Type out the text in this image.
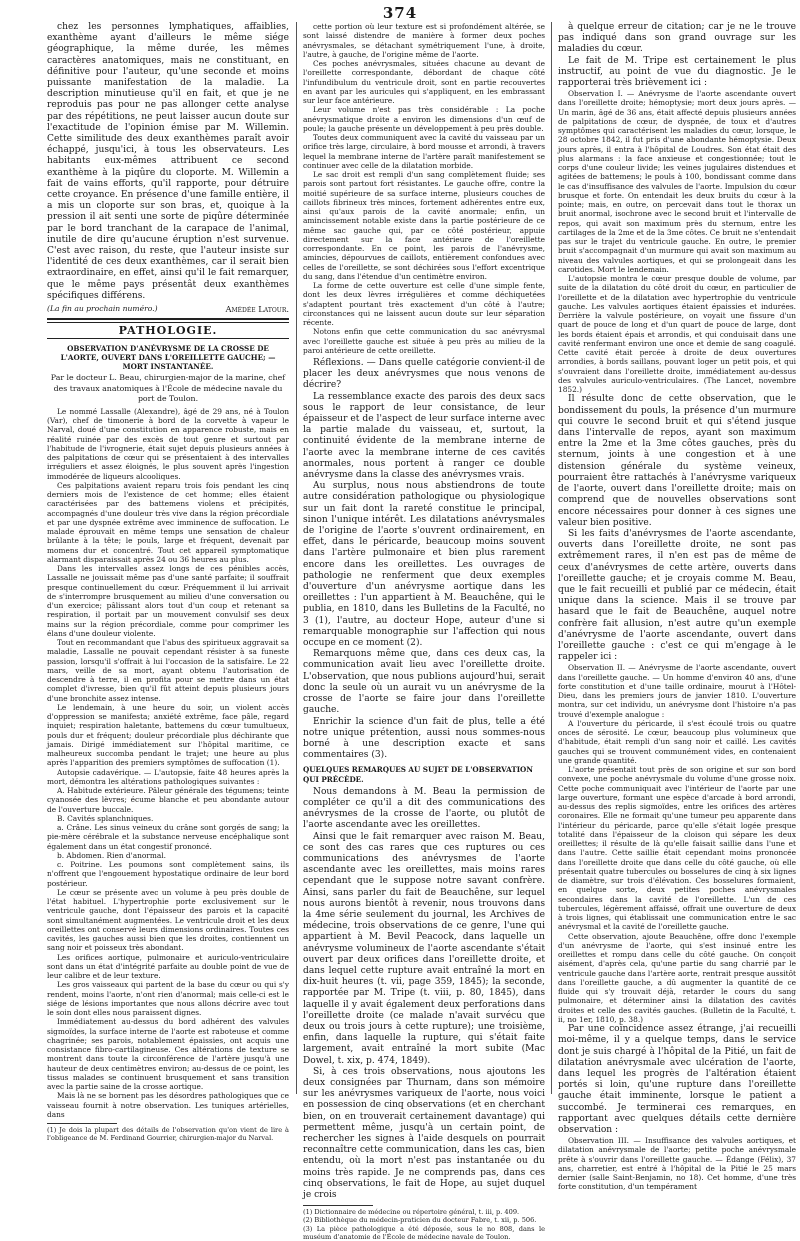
374

chez les personnes lymphatiques, affaiblies, exanthème ayant d'ailleurs le même siége géographique, la même durée, les mêmes caractères anatomiques, mais ne constituant, en définitive pour l'auteur, qu'une seconde et moins puissante manifestation de la maladie. La description minutieuse qu'il en fait, et que je ne reproduis pas pour ne pas allonger cette analyse par des répétitions, ne peut laisser aucun doute sur l'exactitude de l'opinion émise par M. Willemin. Cette similitude des deux exanthèmes paraît avoir échappé, jusqu'ici, à tous les observateurs. Les habitants eux-mêmes attribuent ce second exanthème à la piqûre du cloporte. M. Willemin a fait de vains efforts, qu'il rapporte, pour détruire cette croyance. En présence d'une famille entière, il a mis un cloporte sur son bras, et, quoique à la pression il ait senti une sorte de piqûre déterminée par le bord tranchant de la carapace de l'animal, inutile de dire qu'aucune éruption n'est survenue. C'est avec raison, du reste, que l'auteur insiste sur l'identité de ces deux exanthèmes, car il serait bien extraordinaire, en effet, ainsi qu'il le fait remarquer, que le même pays présentât deux exanthèmes spécifiques différens.

(La fin au prochain numéro.)	Amédée Latour.
PATHOLOGIE.

OBSERVATION D'ANÉVRYSME DE LA CROSSE DE L'AORTE, OUVERT DANS L'OREILLETTE GAUCHE; — MORT INSTANTANÉE.

Par le docteur L. Beau, chirurgien-major de la marine, chef des travaux anatomiques à l'École de médecine navale du port de Toulon.

Le nommé Lassalle (Alexandre), âgé de 29 ans, né à Toulon (Var), chef de timonerie à bord de la corvette à vapeur le Narval, doué d'une constitution en apparence robuste, mais en réalité ruinée par des excès de tout genre et surtout par l'habitude de l'ivrognerie, était sujet depuis plusieurs années à des palpitations de cœur qui se présentaient à des intervalles irréguliers et assez éloignés, le plus souvent après l'ingestion immodérée de liqueurs alcooliques.

Ces palpitations avaient reparu trois fois pendant les cinq derniers mois de l'existence de cet homme; elles étaient caractérisées par des battemens violens et précipités, accompagnés d'une douleur très vive dans la région précordiale et par une dyspnée extrême avec imminence de suffocation. Le malade éprouvait en même temps une sensation de chaleur brûlante à la tête; le pouls, large et fréquent, devenait par momens dur et concentré. Tout cet appareil symptomatique alarmant disparaissait après 24 ou 36 heures au plus.

Dans les intervalles assez longs de ces pénibles accès, Lassalle ne jouissait même pas d'une santé parfaite; il souffrait presque continuellement du cœur. Fréquemment il lui arrivait de s'interrompre brusquement au milieu d'une conversation ou d'un exercice; pâlissant alors tout d'un coup et retenant sa respiration, il portait par un mouvement convulsif ses deux mains sur la région précordiale, comme pour comprimer les élans d'une douleur violente.

Tout en recommandant que l'abus des spiritueux aggravait sa maladie, Lassalle ne pouvait cependant résister à sa funeste passion, lorsqu'il s'offrait à lui l'occasion de la satisfaire. Le 22 mars, veille de sa mort, ayant obtenu l'autorisation de descendre à terre, il en profita pour se mettre dans un état complet d'ivresse, bien qu'il fût atteint depuis plusieurs jours d'une bronchite assez intense.

Le lendemain, à une heure du soir, un violent accès d'oppression se manifesta; anxiété extrême, face pâle, regard inquiet; respiration haletante, battemens du cœur tumultueux, pouls dur et fréquent; douleur précordiale plus déchirante que jamais. Dirigé immédiatement sur l'hôpital maritime, ce malheureux succomba pendant le trajet; une heure au plus après l'apparition des premiers symptômes de suffocation (1).

Autopsie cadavérique. — L'autopsie, faite 48 heures après la mort, démontra les altérations pathologiques suivantes :

A. Habitude extérieure. Pâleur générale des tégumens; teinte cyanosée des lèvres; écume blanche et peu abondante autour de l'ouverture buccale.

B. Cavités splanchniques.

a. Crâne. Les sinus veineux du crâne sont gorgés de sang; la pie-mère cérébrale et la substance nerveuse encéphalique sont également dans un état congestif prononcé.

b. Abdomen. Rien d'anormal.

c. Poitrine. Les poumons sont complètement sains, ils n'offrent que l'engouement hypostatique ordinaire de leur bord postérieur.

Le cœur se présente avec un volume à peu près double de l'état habituel. L'hypertrophie porte exclusivement sur le ventricule gauche, dont l'épaisseur des parois et la capacité sont simultanément augmentées. Le ventricule droit et les deux oreillettes ont conservé leurs dimensions ordinaires. Toutes ces cavités, les gauches aussi bien que les droites, contiennent un sang noir et poisseux très abondant.

Les orifices aortique, pulmonaire et auriculo-ventriculaire sont dans un état d'intégrité parfaite au double point de vue de leur calibre et de leur texture.

Les gros vaisseaux qui partent de la base du cœur ou qui s'y rendent, moins l'aorte, n'ont rien d'anormal; mais celle-ci est le siége de lésions importantes que nous allons décrire avec tout le soin dont elles nous paraissent dignes.

Immédiatement au-dessus du bord adhérent des valvules sigmoïdes, la surface interne de l'aorte est raboteuse et comme chagrinée; ses parois, notablement épaissies, ont acquis une consistance fibro-cartilagineuse. Ces altérations de texture se montrent dans toute la circonférence de l'artère jusqu'à une hauteur de deux centimètres environ; au-dessus de ce point, les tissus malades se continuent brusquement et sans transition avec la partie saine de la crosse aortique.

Mais là ne se bornent pas les désordres pathologiques que ce vaisseau fournit à notre observation. Les tuniques artérielles, dans

(1) Je dois la plupart des détails de l'observation qu'on vient de lire à l'obligeance de M. Ferdinand Gourrier, chirurgien-major du Narval.

cette portion où leur texture est si profondément altérée, se sont laissé distendre de manière à former deux poches anévrysmales, se détachant symétriquement l'une, à droite, l'autre, à gauche, de l'origine même de l'aorte.

Ces poches anévrysmales, situées chacune au devant de l'oreillette correspondante, débordant de chaque côté l'infundibulum du ventricule droit, sont en partie recouvertes en avant par les auricules qui s'appliquent, en les embrassant sur leur face antérieure.

Leur volume n'est pas très considérable : La poche anévrysmatique droite a environ les dimensions d'un œuf de poule; la gauche présente un développement à peu près double.

Toutes deux communiquent avec la cavité du vaisseau par un orifice très large, circulaire, à bord mousse et arrondi, à travers lequel la membrane interne de l'artère paraît manifestement se continuer avec celle de la dilatation morbide.

Le sac droit est rempli d'un sang complètement fluide; ses parois sont partout fort résistantes. Le gauche offre, contre la moitié supérieure de sa surface interne, plusieurs couches de caillots fibrineux très minces, fortement adhérentes entre eux, ainsi qu'aux parois de la cavité anormale; enfin, un amincissement notable existe dans la partie postérieure de ce même sac gauche qui, par ce côté postérieur, appuie directement sur la face antérieure de l'oreillette correspondante. En ce point, les parois de l'anévrysme, amincies, dépourvues de caillots, entièrement confondues avec celles de l'oreillette, se sont déchirées sous l'effort excentrique du sang, dans l'étendue d'un centimètre environ.

La forme de cette ouverture est celle d'une simple fente, dont les deux lèvres irrégulières et comme déchiquetées s'adaptent pourtant très exactement d'un côté à l'autre; circonstances qui ne laissent aucun doute sur leur séparation récente.

Notons enfin que cette communication du sac anévrysmal avec l'oreillette gauche est située à peu près au milieu de la paroi antérieure de cette oreillette.

Réflexions. — Dans quelle catégorie convient-il de placer les deux anévrysmes que nous venons de décrire?

La ressemblance exacte des parois des deux sacs sous le rapport de leur consistance, de leur épaisseur et de l'aspect de leur surface interne avec la partie malade du vaisseau, et, surtout, la continuité évidente de la membrane interne de l'aorte avec la membrane interne de ces cavités anormales, nous portent à ranger ce double anévrysme dans la classe des anévrysmes vrais.

Au surplus, nous nous abstiendrons de toute autre considération pathologique ou physiologique sur un fait dont la rareté constitue le principal, sinon l'unique intérêt. Les dilatations anévrysmales de l'origine de l'aorte s'ouvrent ordinairement, en effet, dans le péricarde, beaucoup moins souvent dans l'artère pulmonaire et bien plus rarement encore dans les oreillettes. Les ouvrages de pathologie ne renferment que deux exemples d'ouverture d'un anévrysme aortique dans les oreillettes : l'un appartient à M. Beauchêne, qui le publia, en 1810, dans les Bulletins de la Faculté, no 3 (1), l'autre, au docteur Hope, auteur d'une si remarquable monographie sur l'affection qui nous occupe en ce moment (2).

Remarquons même que, dans ces deux cas, la communication avait lieu avec l'oreillette droite. L'observation, que nous publions aujourd'hui, serait donc la seule où un aurait vu un anévrysme de la crosse de l'aorte se faire jour dans l'oreillette gauche.

Enrichir la science d'un fait de plus, telle a été notre unique prétention, aussi nous sommes-nous borné à une description exacte et sans commentaires (3).

QUELQUES REMARQUES AU SUJET DE L'OBSERVATION QUI PRÉCÈDE.

Nous demandons à M. Beau la permission de compléter ce qu'il a dit des communications des anévrysmes de la crosse de l'aorte, ou plutôt de l'aorte ascendante avec les oreillettes.

Ainsi que le fait remarquer avec raison M. Beau, ce sont des cas rares que ces ruptures ou ces communications des anévrysmes de l'aorte ascendante avec les oreillettes, mais moins rares cependant que le suppose notre savant confrère. Ainsi, sans parler du fait de Beauchêne, sur lequel nous aurons bientôt à revenir, nous trouvons dans la 4me série seulement du journal, les Archives de médecine, trois observations de ce genre, l'une qui appartient à M. Bevil Peacock, dans laquelle un anévrysme volumineux de l'aorte ascendante s'était ouvert par deux orifices dans l'oreillette droite, et dans lequel cette rupture avait entraîné la mort en dix-huit heures (t. vii, page 359, 1845); la seconde, rapportée par M. Tripe (t. viii, p. 80, 1845), dans laquelle il y avait également deux perforations dans l'oreillette droite (ce malade n'avait survécu que deux ou trois jours à cette rupture); une troisième, enfin, dans laquelle la rupture, qui s'était faite largement, avait entraîné la mort subite (Mac Dowel, t. xix, p. 474, 1849).

Si, à ces trois observations, nous ajoutons les deux consignées par Thurnam, dans son mémoire sur les anévrysmes variqueux de l'aorte, nous voici en possession de cinq observations (et en cherchant bien, on en trouverait certainement davantage) qui permettent même, jusqu'à un certain point, de rechercher les signes à l'aide desquels on pourrait reconnaître cette communication, dans les cas, bien entendu, où la mort n'est pas instantanée ou du moins très rapide. Je ne comprends pas, dans ces cinq observations, le fait de Hope, au sujet duquel je crois

(1) Dictionnaire de médecine ou répertoire général, t. iii, p. 409.

(2) Bibliothèque du médecin-praticien du docteur Fabre, t. xii, p. 506.

(3) La pièce pathologique a été déposée, sous le no 808, dans le muséum d'anatomie de l'École de médecine navale de Toulon.

à quelque erreur de citation; car je ne le trouve pas indiqué dans son grand ouvrage sur les maladies du cœur.

Le fait de M. Tripe est certainement le plus instructif, au point de vue du diagnostic. Je le rapporterai très brièvement ici :

Observation I. — Anévrysme de l'aorte ascendante ouvert dans l'oreillette droite; hémoptysie; mort deux jours après. — Un marin, âgé de 36 ans, était affecté depuis plusieurs années de palpitations de cœur, de dyspnée, de toux et d'autres symptômes qui caractérisent les maladies du cœur, lorsque, le 28 octobre 1842, il fut pris d'une abondante hémoptysie. Deux jours après, il entra à l'hôpital de Loudres. Son état était des plus alarmans : la face anxieuse et congestionnée; tout le corps d'une couleur livide; les veines jugulaires distendues et agitées de battemens; le pouls à 100, bondissant comme dans le cas d'insuffisance des valvules de l'aorte. Impulsion du cœur brusque et forte. On entendait les deux bruits du cœur à la pointe; mais, en outre, on percevait dans tout le thorax un bruit anormal, isochrone avec le second bruit et l'intervalle de repos, qui avait son maximum près du sternum, entre les cartilages de la 2me et de la 3me côtes. Ce bruit ne s'entendait pas sur le trajet du ventricule gauche. En outre, le premier bruit s'accompagnait d'un murmure qui avait son maximum au niveau des valvules aortiques, et qui se prolongeait dans les carotides. Mort le lendemain.

L'autopsie montra le cœur presque double de volume, par suite de la dilatation du côté droit du cœur, en particulier de l'oreillette et de la dilatation avec hypertrophie du ventricule gauche. Les valvules aortiques étaient épaissies et indurées. Derrière la valvule postérieure, on voyait une fissure d'un quart de pouce de long et d'un quart de pouce de large, dont les bords étaient épais et arrondis, et qui conduisait dans une cavité renfermant environ une once et demie de sang coagulé. Cette cavité était percée à droite de deux ouvertures arrondies, à bords saillans, pouvant loger un petit pois, et qui s'ouvraient dans l'oreillette droite, immédiatement au-dessus des valvules auriculo-ventriculaires. (The Lancet, novembre 1852.)

Il résulte donc de cette observation, que le bondissement du pouls, la présence d'un murmure qui couvre le second bruit et qui s'étend jusque dans l'intervalle de repos, ayant son maximum entre la 2me et la 3me côtes gauches, près du sternum, joints à une congestion et à une distension générale du système veineux, pourraient être rattachés à l'anévrysme variqueux de l'aorte, ouvert dans l'oreillette droite; mais on comprend que de nouvelles observations sont encore nécessaires pour donner à ces signes une valeur bien positive.

Si les faits d'anévrysmes de l'aorte ascendante, ouverts dans l'oreillette droite, ne sont pas extrêmement rares, il n'en est pas de même de ceux d'anévrysmes de cette artère, ouverts dans l'oreillette gauche; et je croyais comme M. Beau, que le fait recueilli et publié par ce médecin, était unique dans la science. Mais il se trouve par hasard que le fait de Beauchêne, auquel notre confrère fait allusion, n'est autre qu'un exemple d'anévrysme de l'aorte ascendante, ouvert dans l'oreillette gauche : c'est ce qui m'engage à le rappeler ici :

Observation II. — Anévrysme de l'aorte ascendante, ouvert dans l'oreillette gauche. — Un homme d'environ 40 ans, d'une forte constitution et d'une taille ordinaire, mourut à l'Hôtel-Dieu, dans les premiers jours de janvier 1810. L'ouverture montra, sur cet individu, un anévrysme dont l'histoire n'a pas trouvé d'exemple analogue :

A l'ouverture du péricarde, il s'est écoulé trois ou quatre onces de sérosité. Le cœur, beaucoup plus volumineux que d'habitude, était rempli d'un sang noir et caillé. Les cavités gauches qui se trouvent communément vides, en contenaient une grande quantité.

L'aorte présentait tout près de son origine et sur son bord convexe, une poche anévrysmale du volume d'une grosse noix. Cette poche communiquait avec l'intérieur de l'aorte par une large ouverture, formant une espèce d'arcade à bord arrondi, au-dessus des replis sigmoïdes, entre les orifices des artères coronaires. Elle ne formait qu'une tumeur peu apparente dans l'intérieur du péricarde, parce qu'elle s'était logée presque totalité dans l'épaisseur de la cloison qui sépare les deux oreillettes; il résulte de là qu'elle faisait saillie dans l'une et dans l'autre. Cette saillie était cependant moins prononcée dans l'oreillette droite que dans celle du côté gauche, où elle présentait quatre tubercules ou bosselures de cinq à six lignes de diamètre, sur trois d'élévation. Ces bosselures formaient, en quelque sorte, deux petites poches anévrysmales secondaires dans la cavité de l'oreillette. L'un de ces tubercules, légèrement affaissé, offrait une ouverture de deux à trois lignes, qui établissait une communication entre le sac anévrysmal et la cavité de l'oreillette gauche.

Cette observation, ajoute Beauchêne, offre donc l'exemple d'un anévrysme de l'aorte, qui s'est insinué entre les oreillettes et rompu dans celle du côté gauche. On conçoit aisément, d'après cela, qu'une partie du sang charrié par le ventricule gauche dans l'artère aorte, rentrait presque aussitôt dans l'oreillette gauche, a dû augmenter la quantité de ce fluide qui s'y trouvait déjà, retarder le cours du sang pulmonaire, et déterminer ainsi la dilatation des cavités droites et celle des cavités gauches. (Bulletin de la Faculté, t. ii, no 1er, 1810, p. 38.)

Par une coïncidence assez étrange, j'ai recueilli moi-même, il y a quelque temps, dans le service dont je suis chargé à l'hôpital de la Pitié, un fait de dilatation anévrysmale avec ulcération de l'aorte, dans lequel les progrès de l'altération étaient portés si loin, qu'une rupture dans l'oreillette gauche était imminente, lorsque le patient a succombé. Je terminerai ces remarques, en rapportant avec quelques détails cette dernière observation :

Observation III. — Insuffisance des valvules aortiques, et dilatation anévrysmale de l'aorte; petite poche anévrysmale prête à s'ouvrir dans l'oreillette gauche. — Édange (Félix), 37 ans, charretier, est entré à l'hôpital de la Pitié le 25 mars dernier (salle Saint-Benjamin, no 18). Cet homme, d'une très forte constitution, d'un tempérament
